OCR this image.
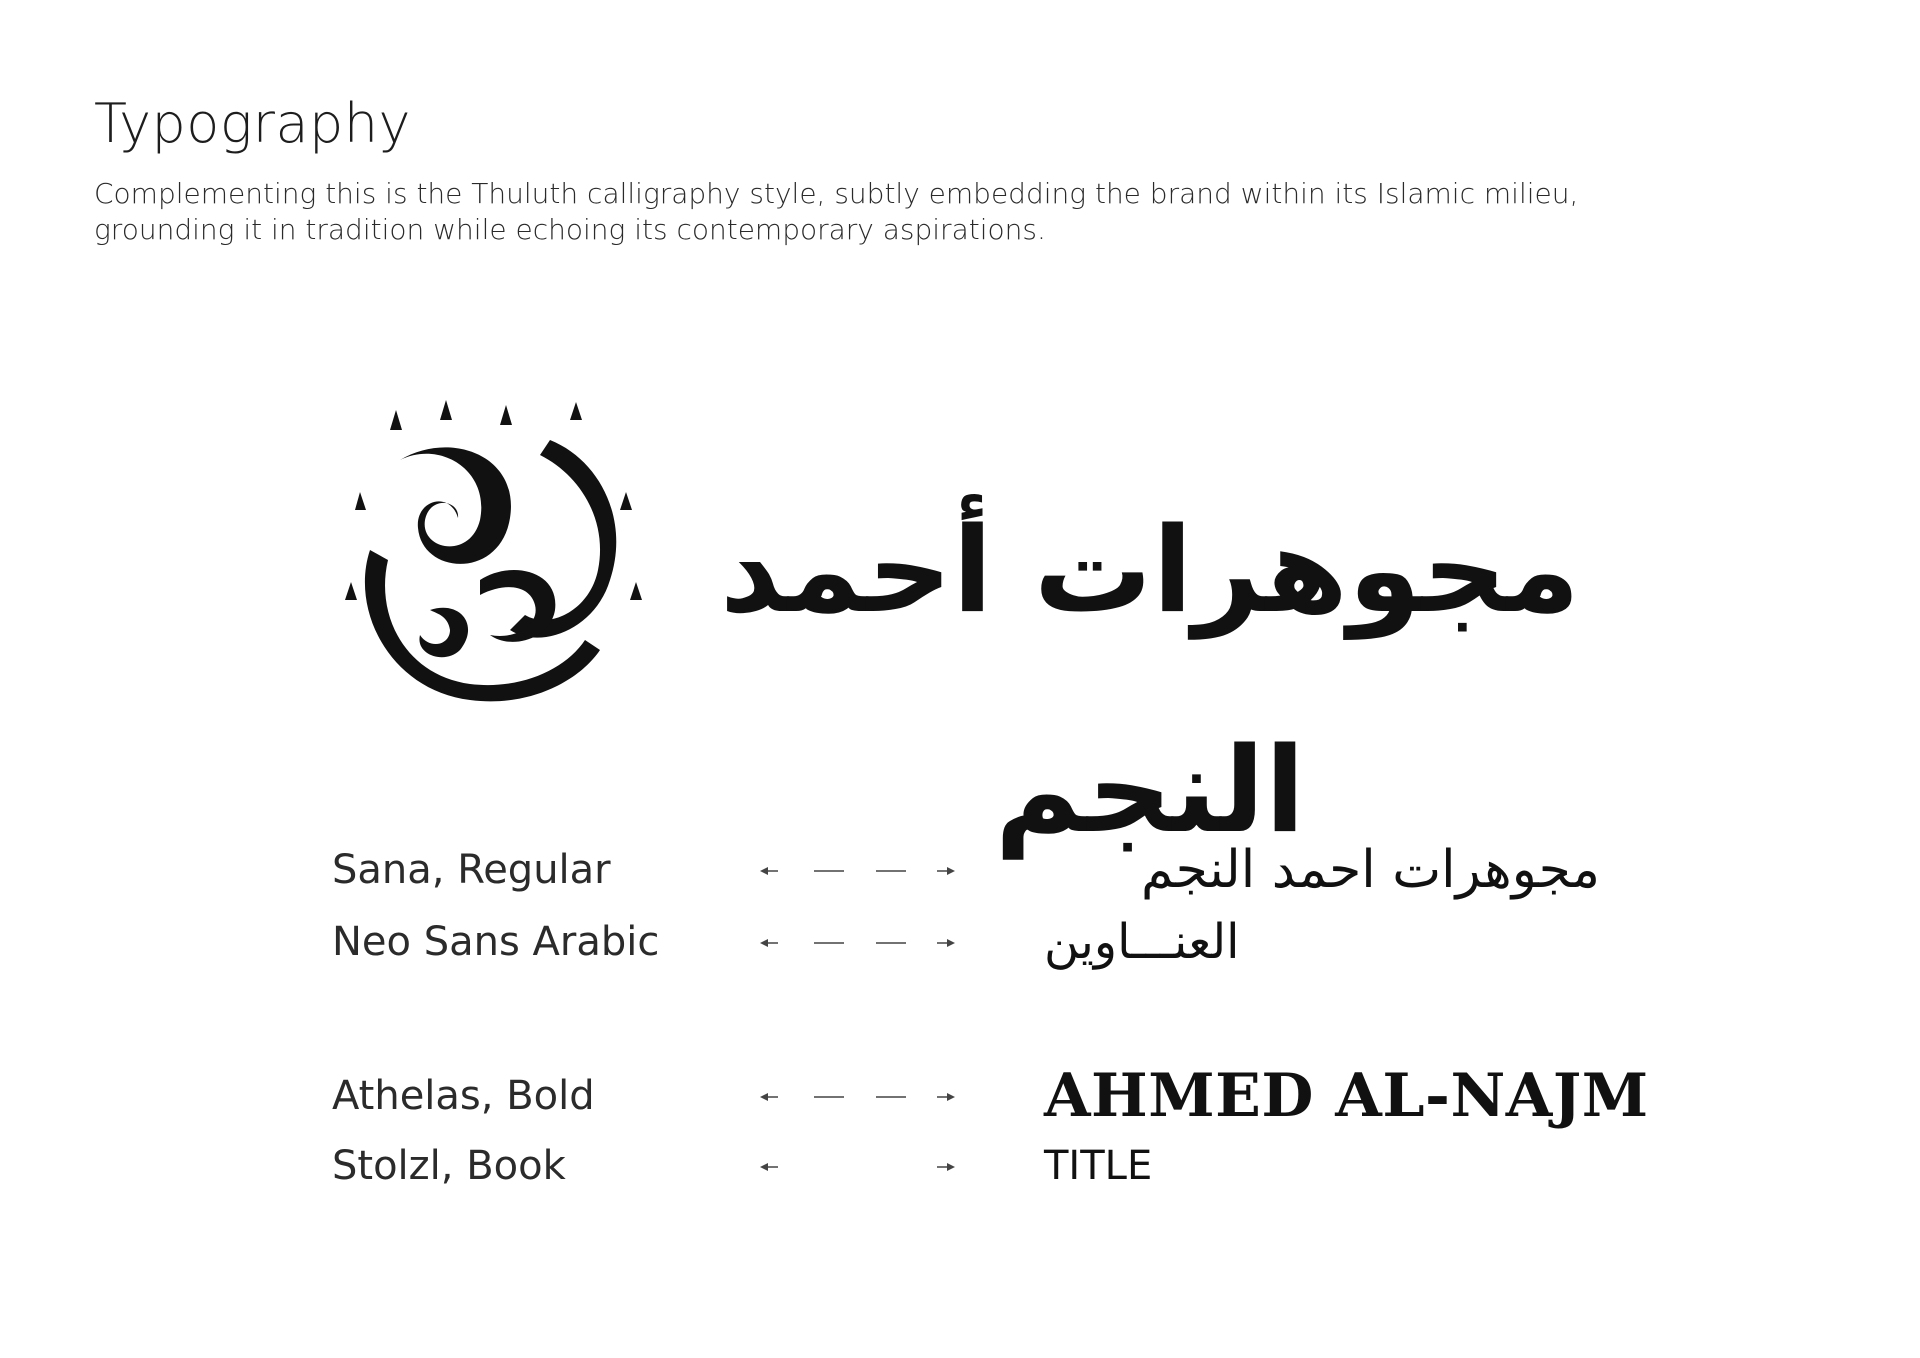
Typography
Complementing this is the Thuluth calligraphy style, subtly embedding the brand within its Islamic milieu,
grounding it in tradition while echoing its contemporary aspirations.
مجوهرات أحمد النجم
Sana, Regular	مجوهرات احمد النجم
Neo Sans Arabic	العنـــاوين
Athelas, Bold	AHMED AL-NAJM
Stolzl, Book	TITLE
